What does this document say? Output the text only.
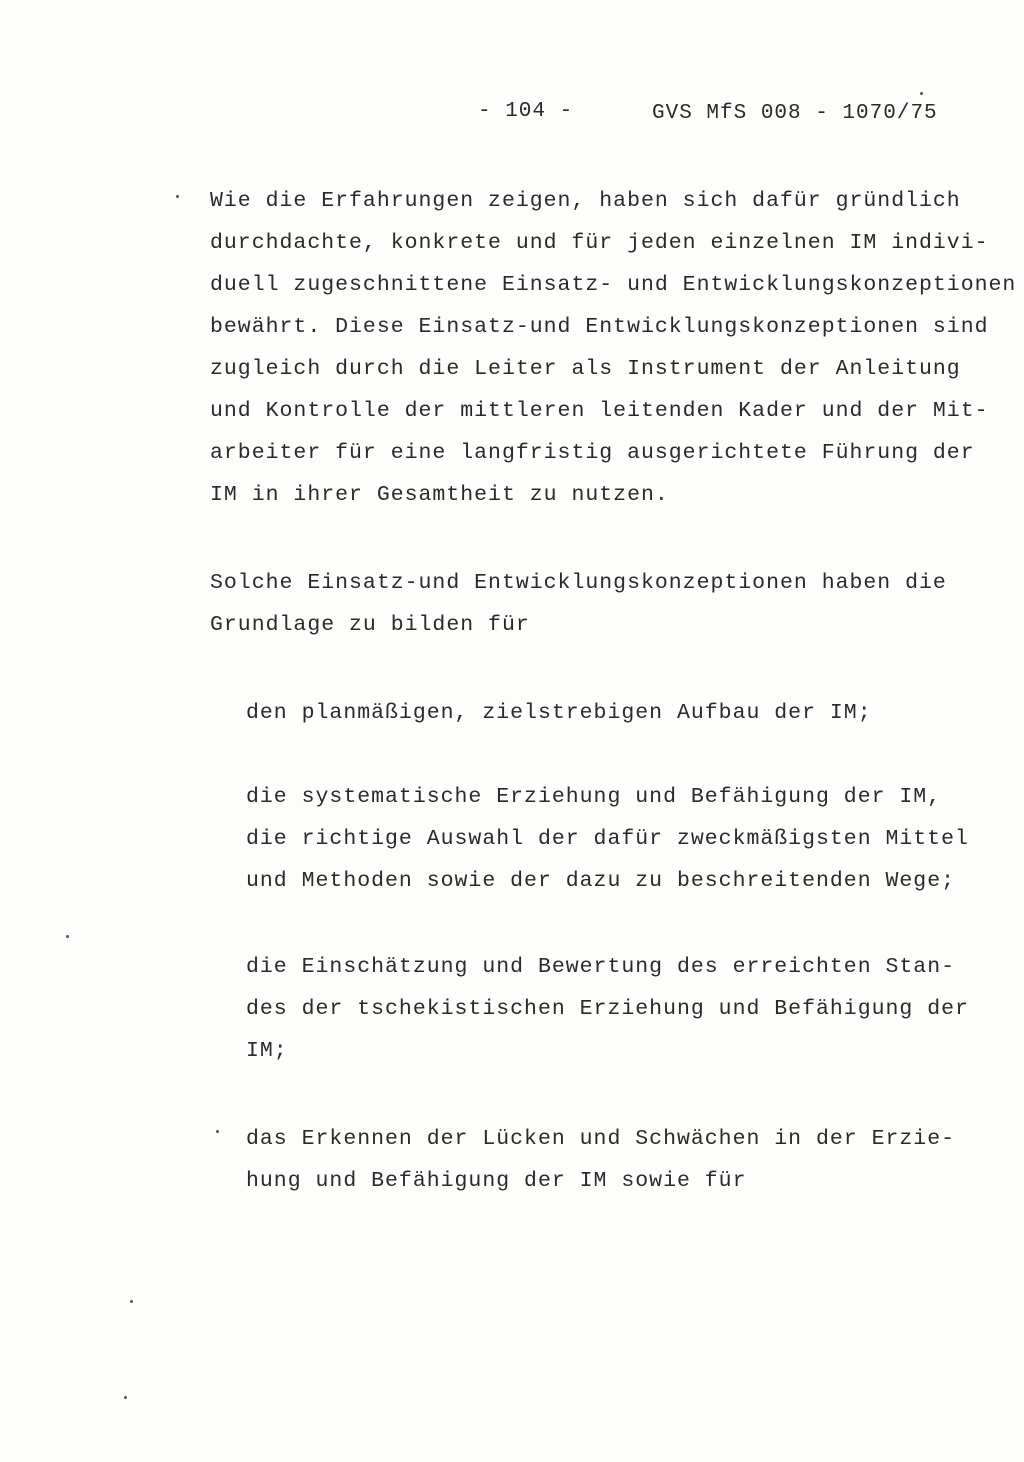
- 104 -	GVS MfS 008 - 1070/75
Wie die Erfahrungen zeigen, haben sich dafür gründlich
durchdachte, konkrete und für jeden einzelnen IM indivi-
duell zugeschnittene Einsatz- und Entwicklungskonzeptionen
bewährt. Diese Einsatz-und Entwicklungskonzeptionen sind
zugleich durch die Leiter als Instrument der Anleitung
und Kontrolle der mittleren leitenden Kader und der Mit-
arbeiter für eine langfristig ausgerichtete Führung der
IM in ihrer Gesamtheit zu nutzen.
Solche Einsatz-und Entwicklungskonzeptionen haben die
Grundlage zu bilden für
den planmäßigen, zielstrebigen Aufbau der IM;
die systematische Erziehung und Befähigung der IM,
die richtige Auswahl der dafür zweckmäßigsten Mittel
und Methoden sowie der dazu zu beschreitenden Wege;
die Einschätzung und Bewertung des erreichten Stan-
des der tschekistischen Erziehung und Befähigung der
IM;
das Erkennen der Lücken und Schwächen in der Erzie-
hung und Befähigung der IM sowie für
